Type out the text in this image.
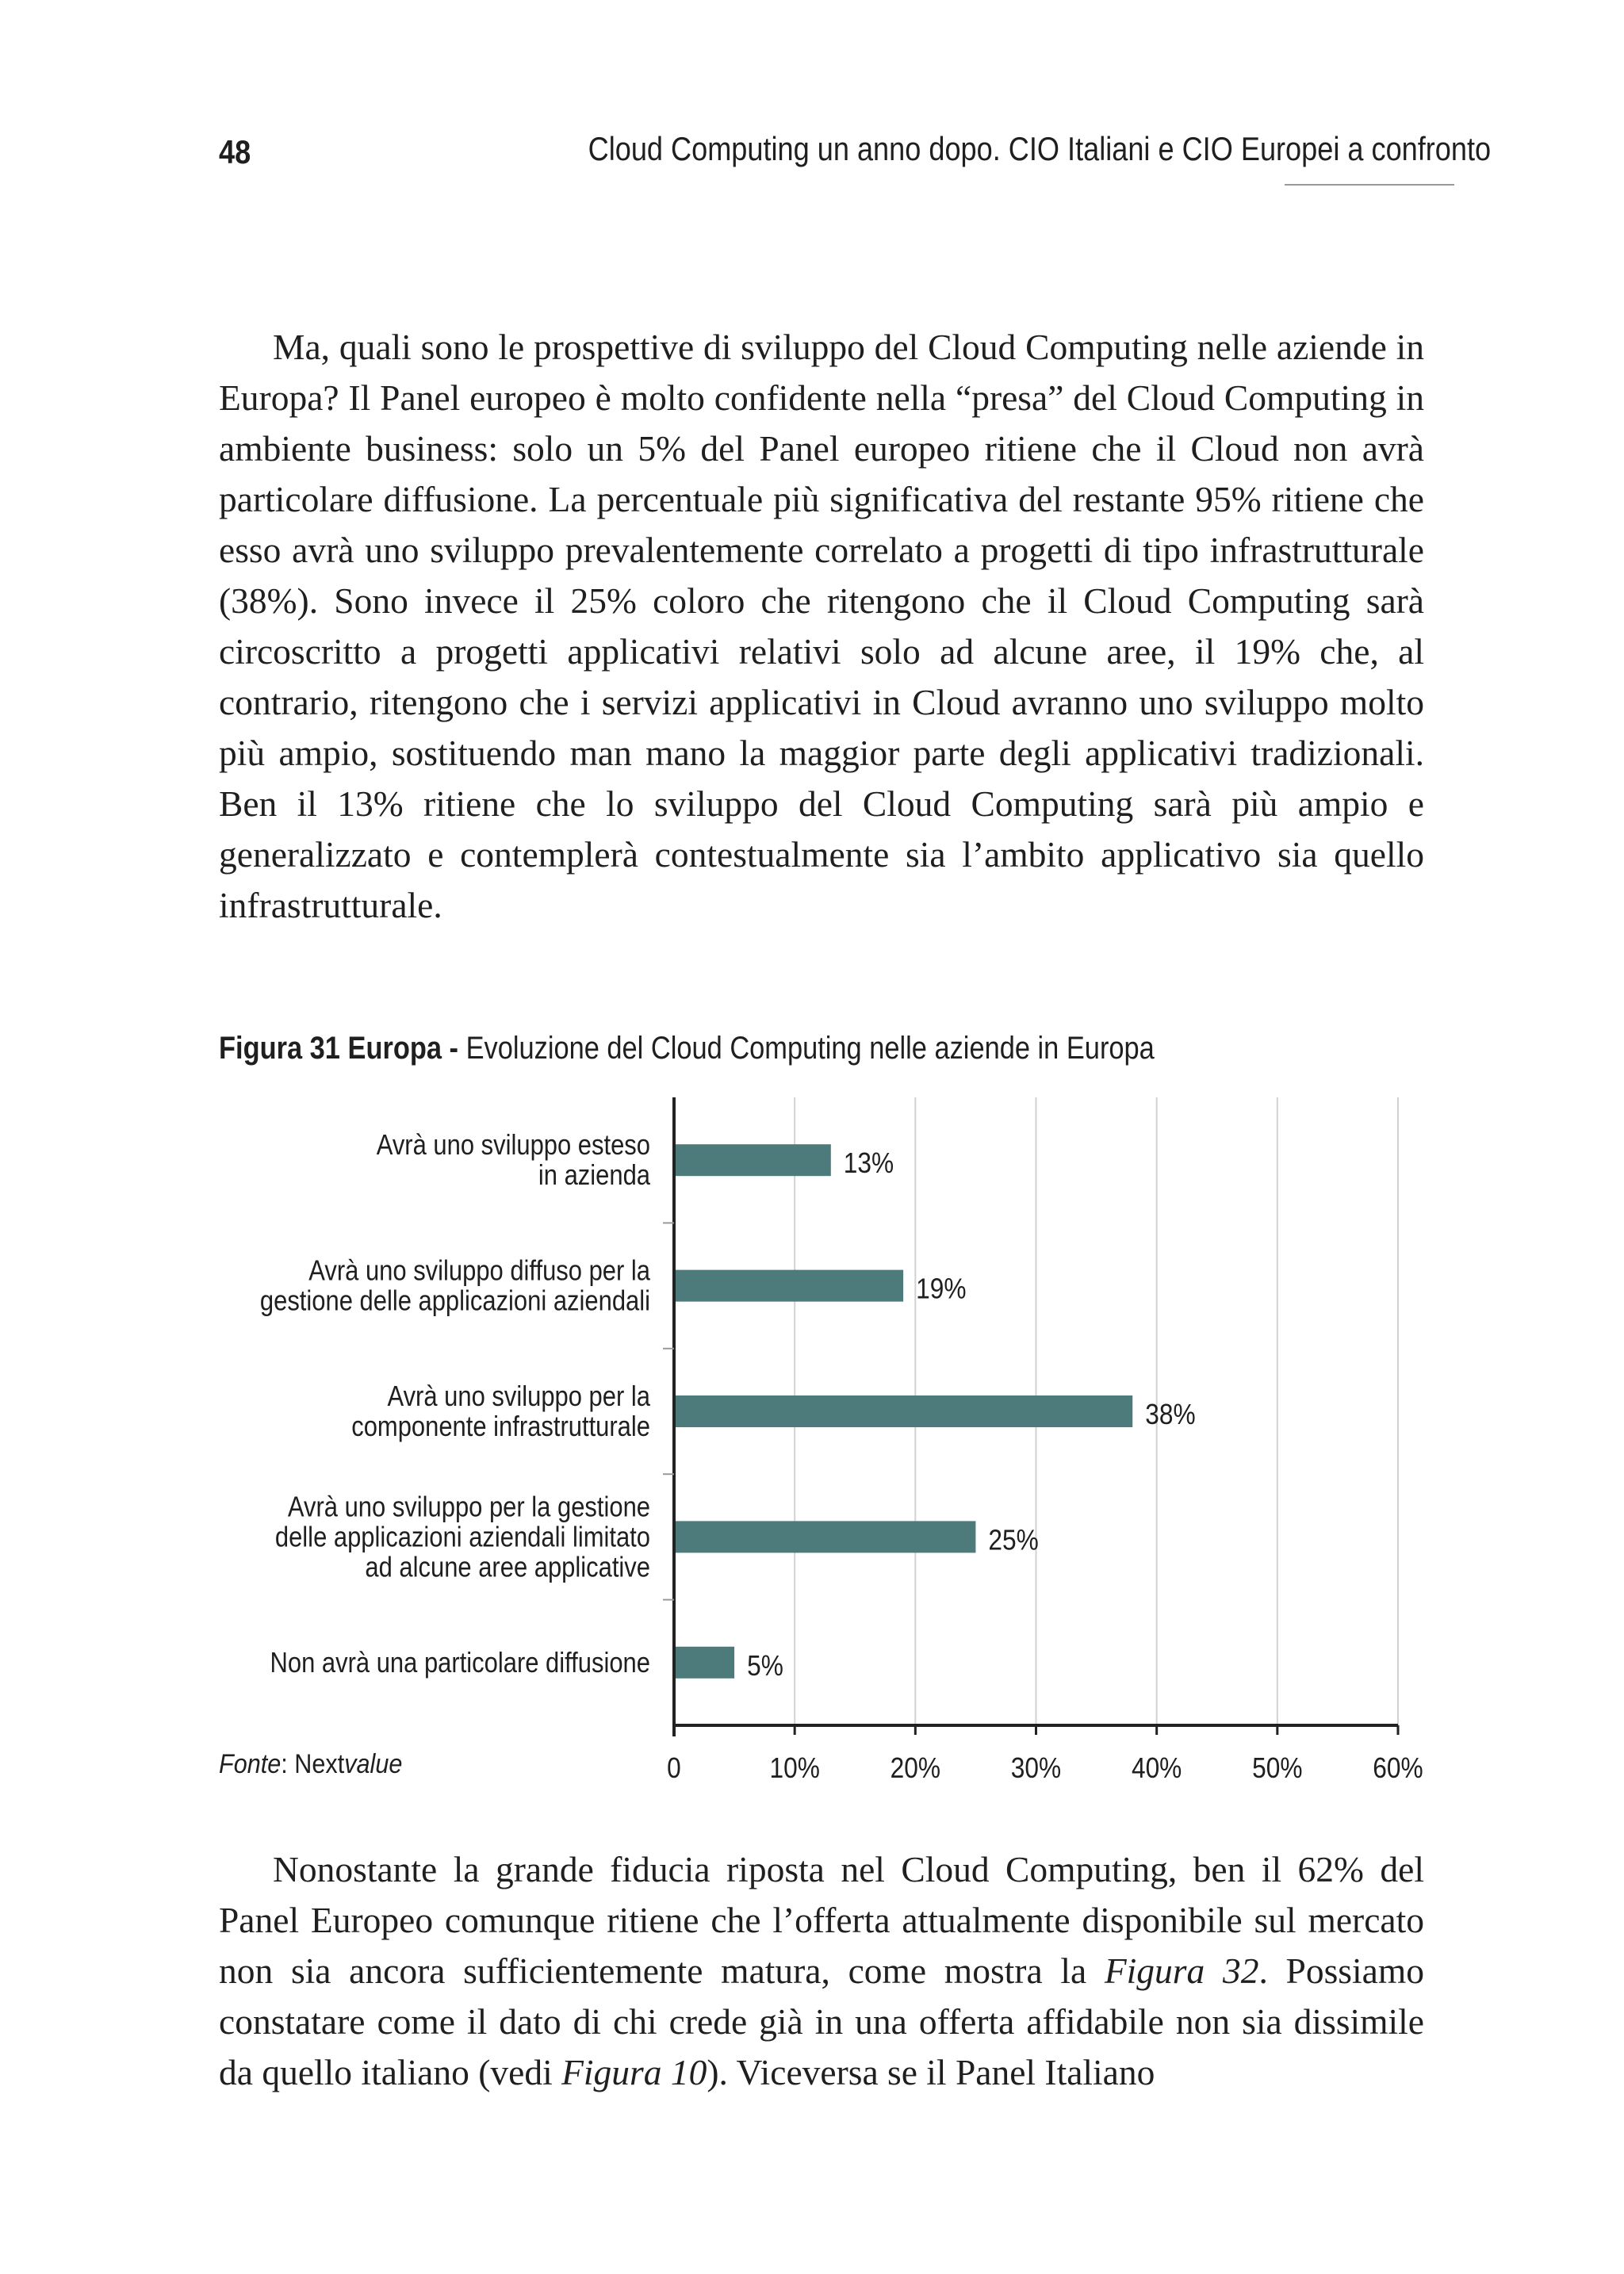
48	Cloud Computing un anno dopo. CIO Italiani e CIO Europei a confronto

Ma, quali sono le prospettive di sviluppo del Cloud Computing nelle aziende in Europa? Il Panel europeo è molto confidente nella “presa” del Cloud Computing in ambiente business: solo un 5% del Panel europeo ritiene che il Cloud non avrà particolare diffusione. La percentuale più significativa del restante 95% ritiene che esso avrà uno sviluppo prevalentemente correlato a progetti di tipo infrastrutturale (38%). Sono invece il 25% coloro che ritengono che il Cloud Computing sarà circoscritto a progetti applicativi relativi solo ad alcune aree, il 19% che, al contrario, ritengono che i servizi applicativi in Cloud avranno uno sviluppo molto più ampio, sostituendo man mano la maggior parte degli applicativi tradizionali. Ben il 13% ritiene che lo sviluppo del Cloud Computing sarà più ampio e generalizzato e contemplerà contestualmente sia l’ambito applicativo sia quello infrastrutturale.

Figura 31 Europa - Evoluzione del Cloud Computing nelle aziende in Europa
13%
Avrà uno sviluppo esteso
in azienda
19%
Avrà uno sviluppo diffuso per la
gestione delle applicazioni aziendali
38%
Avrà uno sviluppo per la
componente infrastrutturale
25%
Avrà uno sviluppo per la gestione
delle applicazioni aziendali limitato
ad alcune aree applicative
5%
Non avrà una particolare diffusione
0	10% 20% 30% 40% 50% 60%
Fonte: Nextvalue

Nonostante la grande fiducia riposta nel Cloud Computing, ben il 62% del Panel Europeo comunque ritiene che l’offerta attualmente disponibile sul mercato non sia ancora sufficientemente matura, come mostra la Figura 32. Possiamo constatare come il dato di chi crede già in una offerta affidabile non sia dissimile da quello italiano (vedi Figura 10). Viceversa se il Panel Italiano
